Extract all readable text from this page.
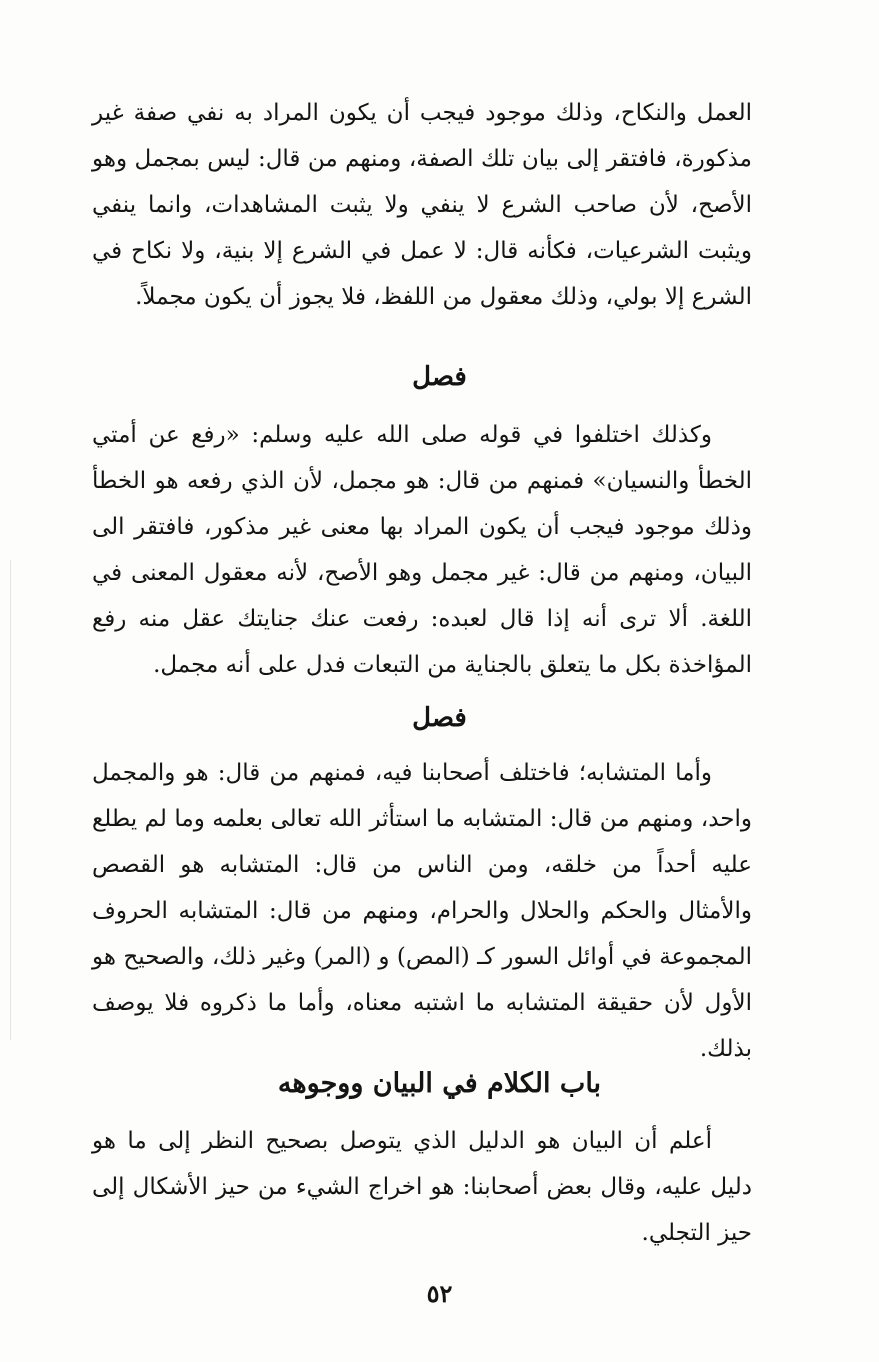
العمل والنكاح، وذلك موجود فيجب أن يكون المراد به نفي صفة غير مذكورة، فافتقر إلى بيان تلك الصفة، ومنهم من قال: ليس بمجمل وهو الأصح، لأن صاحب الشرع لا ينفي ولا يثبت المشاهدات، وانما ينفي ويثبت الشرعيات، فكأنه قال: لا عمل في الشرع إلا بنية، ولا نكاح في الشرع إلا بولي، وذلك معقول من اللفظ، فلا يجوز أن يكون مجملاً.

فصل

وكذلك اختلفوا في قوله صلى الله عليه وسلم: «رفع عن أمتي الخطأ والنسيان» فمنهم من قال: هو مجمل، لأن الذي رفعه هو الخطأ وذلك موجود فيجب أن يكون المراد بها معنى غير مذكور، فافتقر الى البيان، ومنهم من قال: غير مجمل وهو الأصح، لأنه معقول المعنى في اللغة. ألا ترى أنه إذا قال لعبده: رفعت عنك جنايتك عقل منه رفع المؤاخذة بكل ما يتعلق بالجناية من التبعات فدل على أنه مجمل.

فصل

وأما المتشابه؛ فاختلف أصحابنا فيه، فمنهم من قال: هو والمجمل واحد، ومنهم من قال: المتشابه ما استأثر الله تعالى بعلمه وما لم يطلع عليه أحداً من خلقه، ومن الناس من قال: المتشابه هو القصص والأمثال والحكم والحلال والحرام، ومنهم من قال: المتشابه الحروف المجموعة في أوائل السور كـ (المص) و (المر) وغير ذلك، والصحيح هو الأول لأن حقيقة المتشابه ما اشتبه معناه، وأما ما ذكروه فلا يوصف بذلك.

باب الكلام في البيان ووجوهه

أعلم أن البيان هو الدليل الذي يتوصل بصحيح النظر إلى ما هو دليل عليه، وقال بعض أصحابنا: هو اخراج الشيء من حيز الأشكال إلى حيز التجلي.

٥٢
